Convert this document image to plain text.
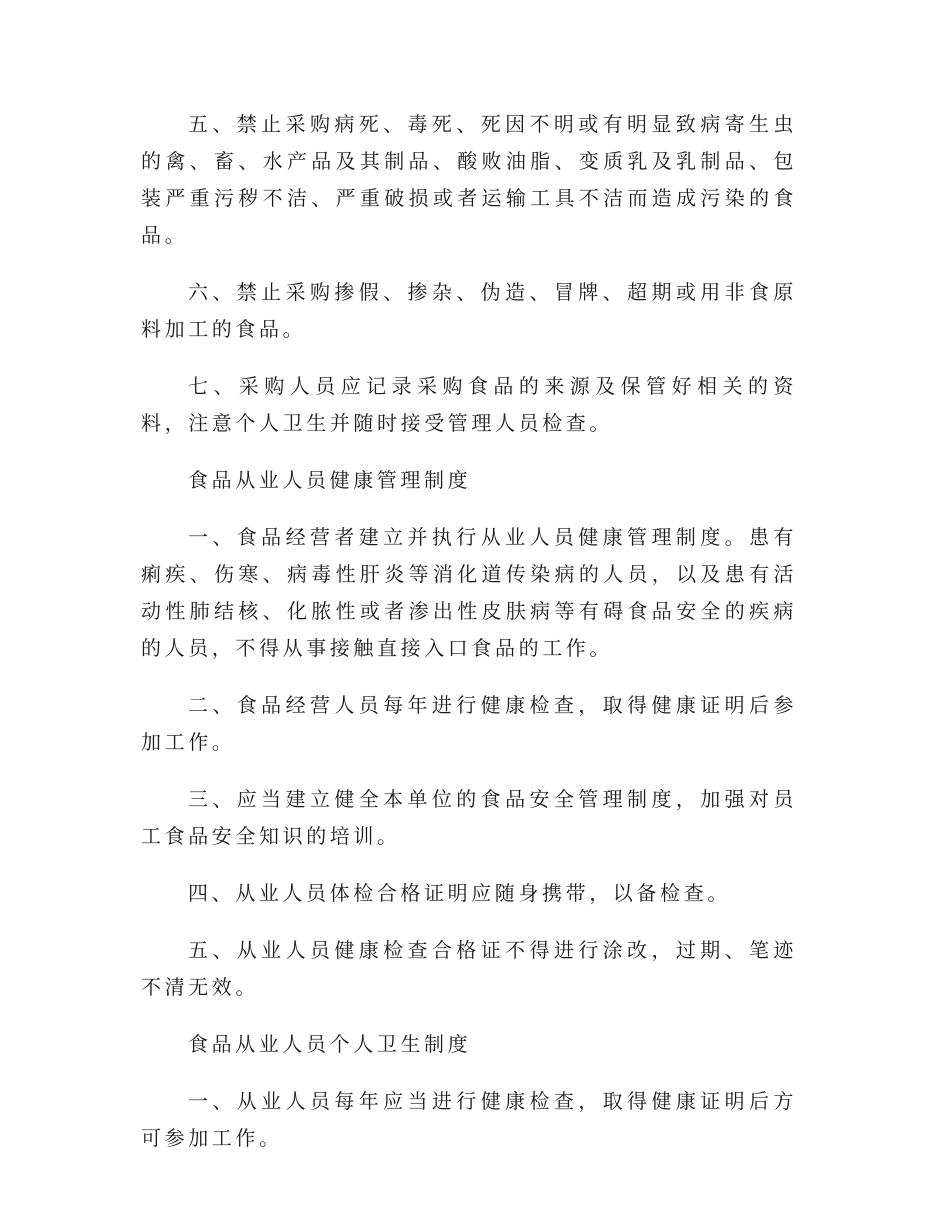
五、禁止采购病死、毒死、死因不明或有明显致病寄生虫的禽、畜、水产品及其制品、酸败油脂、变质乳及乳制品、包装严重污秽不洁、严重破损或者运输工具不洁而造成污染的食品。

六、禁止采购掺假、掺杂、伪造、冒牌、超期或用非食原料加工的食品。

七、采购人员应记录采购食品的来源及保管好相关的资料，注意个人卫生并随时接受管理人员检查。

食品从业人员健康管理制度

一、食品经营者建立并执行从业人员健康管理制度。患有痢疾、伤寒、病毒性肝炎等消化道传染病的人员，以及患有活动性肺结核、化脓性或者渗出性皮肤病等有碍食品安全的疾病的人员，不得从事接触直接入口食品的工作。

二、食品经营人员每年进行健康检查，取得健康证明后参加工作。

三、应当建立健全本单位的食品安全管理制度，加强对员工食品安全知识的培训。

四、从业人员体检合格证明应随身携带，以备检查。

五、从业人员健康检查合格证不得进行涂改，过期、笔迹不清无效。

食品从业人员个人卫生制度

一、从业人员每年应当进行健康检查，取得健康证明后方可参加工作。
